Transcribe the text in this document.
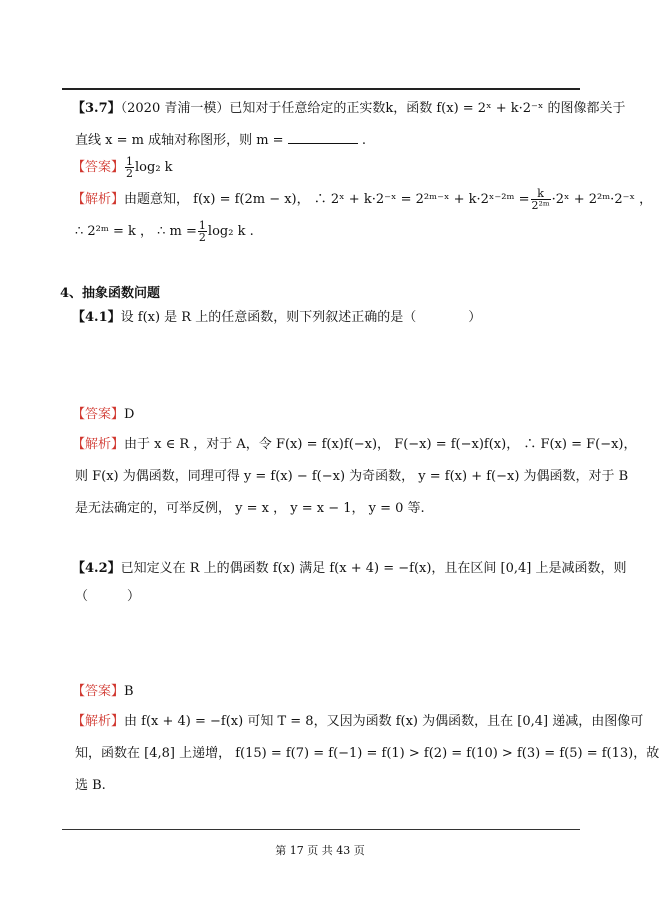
【3.7】（2020 青浦一模）已知对于任意给定的正实数k，函数 f(x) = 2ˣ + k·2⁻ˣ 的图像都关于
直线 x = m 成轴对称图形，则 m =	.
【答案】 $\frac{1}{2} \log_2$ k
【解析】由题意知， f(x) = f(2m − x)， ∴ 2ˣ + k·2⁻ˣ = 2²ᵐ⁻ˣ + k·2ˣ⁻²ᵐ = $\frac{k}{\text{2²ᵐ}}$ ·2ˣ + 2²ᵐ·2⁻ˣ ，
∴ 2²ᵐ = k ， ∴ $m = \frac{1}{2} \log_2$ k .
4、抽象函数问题
【4.1】设 f(x) 是 R 上的任意函数，则下列叙述正确的是（　　　　）
【答案】D
【解析】由于 x ∈ R ，对于 A，令 F(x) = f(x)f(−x)， F(−x) = f(−x)f(x)， ∴ F(x) = F(−x)，
则 F(x) 为偶函数，同理可得 y = f(x) − f(−x) 为奇函数， y = f(x) + f(−x) 为偶函数，对于 B
是无法确定的，可举反例， y = x ， y = x − 1， y = 0 等.
【4.2】已知定义在 R 上的偶函数 f(x) 满足 f(x + 4) = −f(x)，且在区间 [0,4] 上是减函数，则
（　　　）
【答案】B
【解析】由 f(x + 4) = −f(x) 可知 T = 8，又因为函数 f(x) 为偶函数，且在 [0,4] 递减，由图像可
知，函数在 [4,8] 上递增， f(15) = f(7) = f(−1) = f(1) > f(2) = f(10) > f(3) = f(5) = f(13)，故
选 B.
第 17 页 共 43 页
